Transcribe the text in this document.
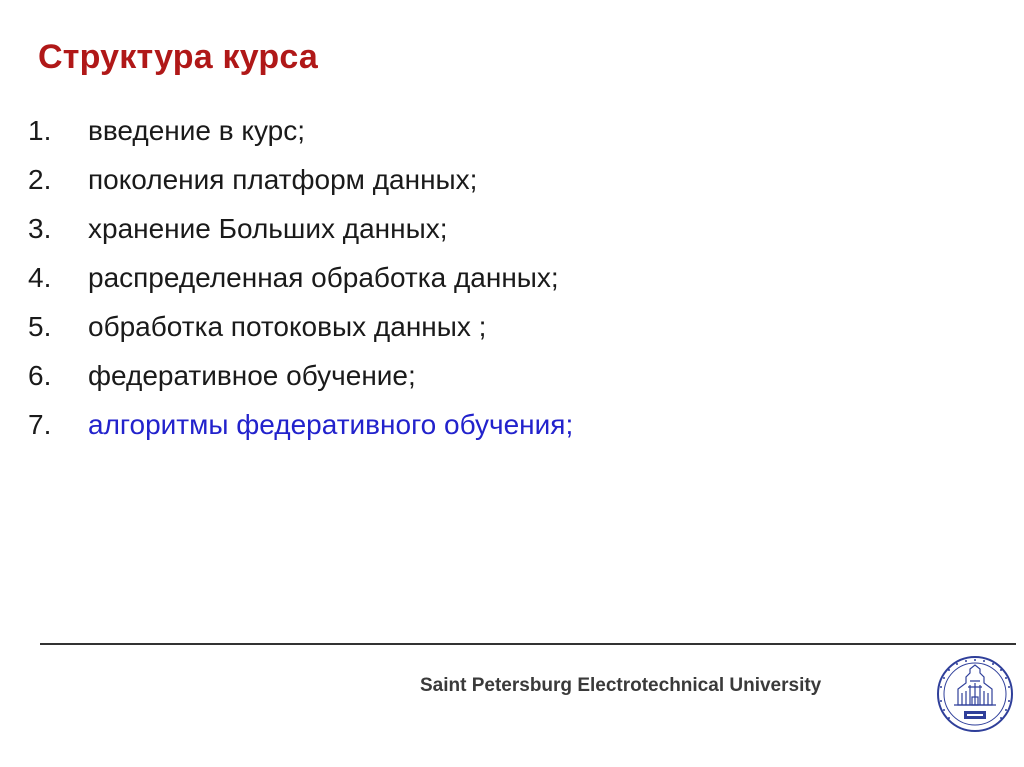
Структура курса
1.	введение в курс;
2.	поколения платформ данных;
3.	хранение Больших данных;
4.	распределенная обработка данных;
5.	обработка потоковых данных ;
6.	федеративное обучение;
7.	алгоритмы федеративного обучения;
Saint Petersburg Electrotechnical University
